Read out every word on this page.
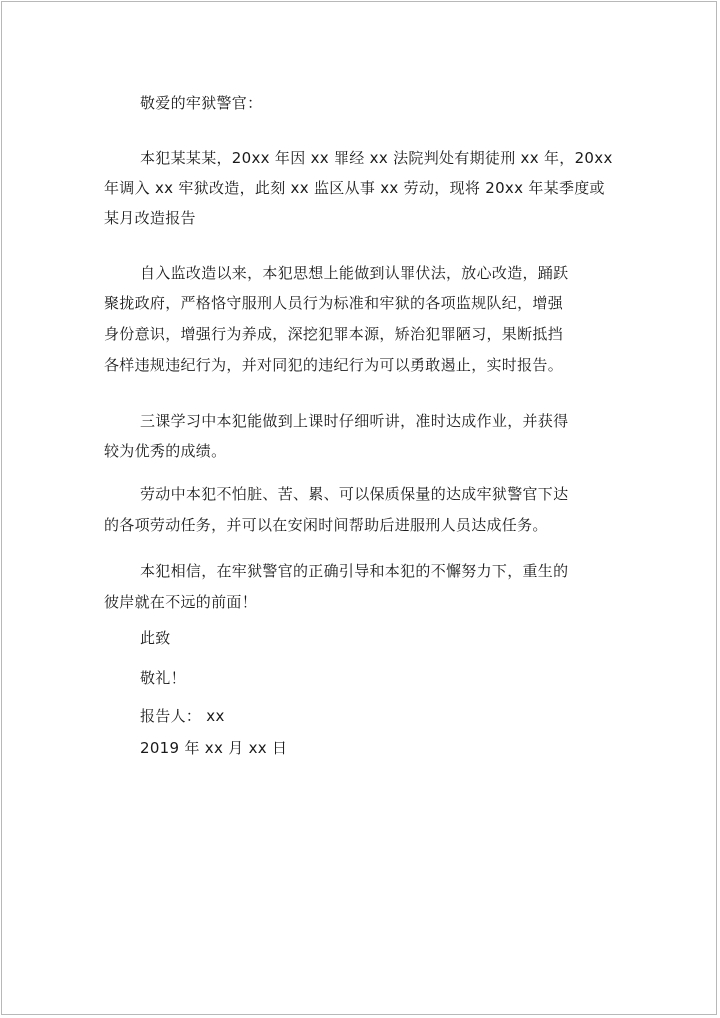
敬爱的牢狱警官：
本犯某某某，20xx 年因 xx 罪经 xx 法院判处有期徒刑 xx 年，20xx
年调入 xx 牢狱改造，此刻 xx 监区从事 xx 劳动，现将 20xx 年某季度或
某月改造报告
自入监改造以来，本犯思想上能做到认罪伏法，放心改造，踊跃
聚拢政府，严格恪守服刑人员行为标准和牢狱的各项监规队纪，增强
身份意识，增强行为养成，深挖犯罪本源，矫治犯罪陋习，果断抵挡
各样违规违纪行为，并对同犯的违纪行为可以勇敢遏止，实时报告。
三课学习中本犯能做到上课时仔细听讲，准时达成作业，并获得
较为优秀的成绩。
劳动中本犯不怕脏、苦、累、可以保质保量的达成牢狱警官下达
的各项劳动任务，并可以在安闲时间帮助后进服刑人员达成任务。
本犯相信，在牢狱警官的正确引导和本犯的不懈努力下，重生的
彼岸就在不远的前面！
此致
敬礼！
报告人： xx
2019 年 xx 月 xx 日
